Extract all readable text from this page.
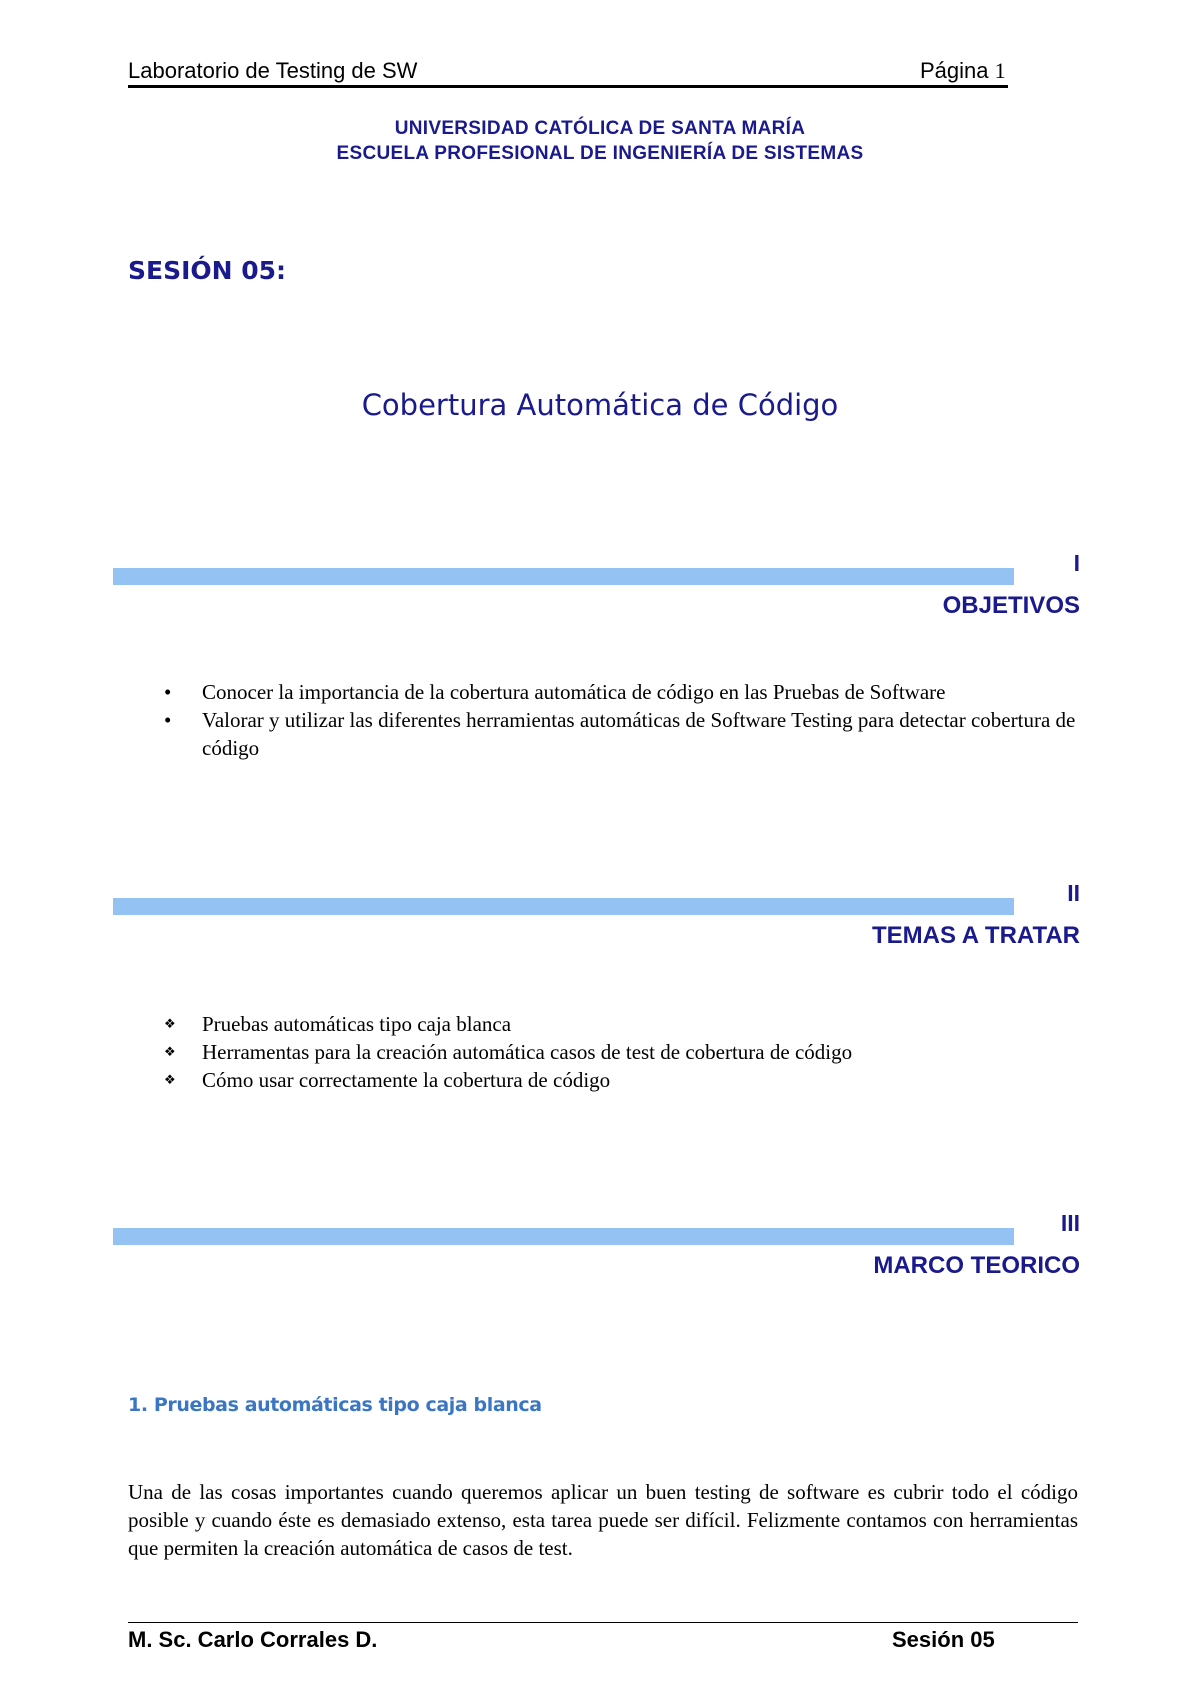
Laboratorio de Testing de SW	Página 1
UNIVERSIDAD CATÓLICA DE SANTA MARÍA
ESCUELA PROFESIONAL DE INGENIERÍA DE SISTEMAS
SESIÓN 05:
Cobertura Automática de Código
I
OBJETIVOS
• Conocer la importancia de la cobertura automática de código en las Pruebas de Software
• Valorar y utilizar las diferentes herramientas automáticas de Software Testing para detectar cobertura de código
II
TEMAS A TRATAR
❖ Pruebas automáticas tipo caja blanca
❖ Herramentas para la creación automática casos de test de cobertura de código
❖ Cómo usar correctamente la cobertura de código
III
MARCO TEORICO
1. Pruebas automáticas tipo caja blanca
Una de las cosas importantes cuando queremos aplicar un buen testing de software es cubrir todo el código posible y cuando éste es demasiado extenso, esta tarea puede ser difícil. Felizmente contamos con herramientas que permiten la creación automática de casos de test.
M. Sc. Carlo Corrales D.	Sesión 05
